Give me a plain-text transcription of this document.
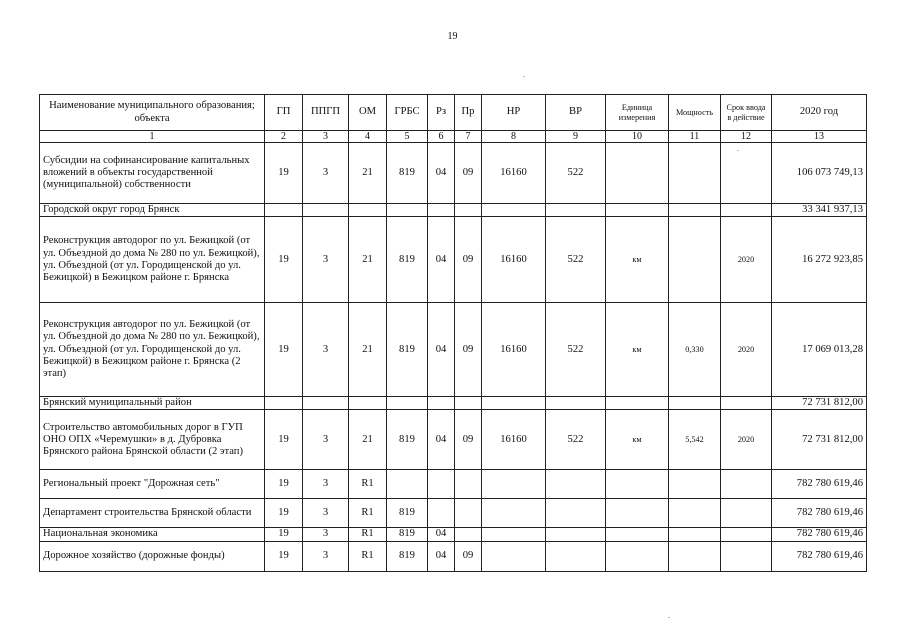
19
Наименование муниципального образования; объекта	ГП	ППГП	ОМ	ГРБС	Рз	Пр	НР	ВР	Единица измерения	Мощность	Срок ввода в действие	2020 год
1	2	3	4	5	6	7	8	9	10	11	12	13
Субсидии на софинансирование капитальных вложений в объекты государственной (муниципальной) собственности	19	3	21	819	04	09	16160	522				106 073 749,13
Городской округ город Брянск												33 341 937,13
Реконструкция автодорог по ул. Бежицкой (от ул. Объездной до дома № 280 по ул. Бежицкой), ул. Объездной (от ул. Городищенской до ул. Бежицкой) в Бежицком районе г. Брянска	19	3	21	819	04	09	16160	522	км		2020	16 272 923,85
Реконструкция автодорог по ул. Бежицкой (от ул. Объездной до дома № 280 по ул. Бежицкой), ул. Объездной (от ул. Городищенской до ул. Бежицкой) в Бежицком районе г. Брянска (2 этап)	19	3	21	819	04	09	16160	522	км	0,330	2020	17 069 013,28
Брянский муниципальный район												72 731 812,00
Строительство автомобильных дорог в ГУП ОНО ОПХ «Черемушки» в д. Дубровка Брянского района Брянской области (2 этап)	19	3	21	819	04	09	16160	522	км	5,542	2020	72 731 812,00
Региональный проект "Дорожная сеть"	19	3	R1									782 780 619,46
Департамент строительства Брянской области	19	3	R1	819								782 780 619,46
Национальная экономика	19	3	R1	819	04							782 780 619,46
Дорожное хозяйство (дорожные фонды)	19	3	R1	819	04	09						782 780 619,46
